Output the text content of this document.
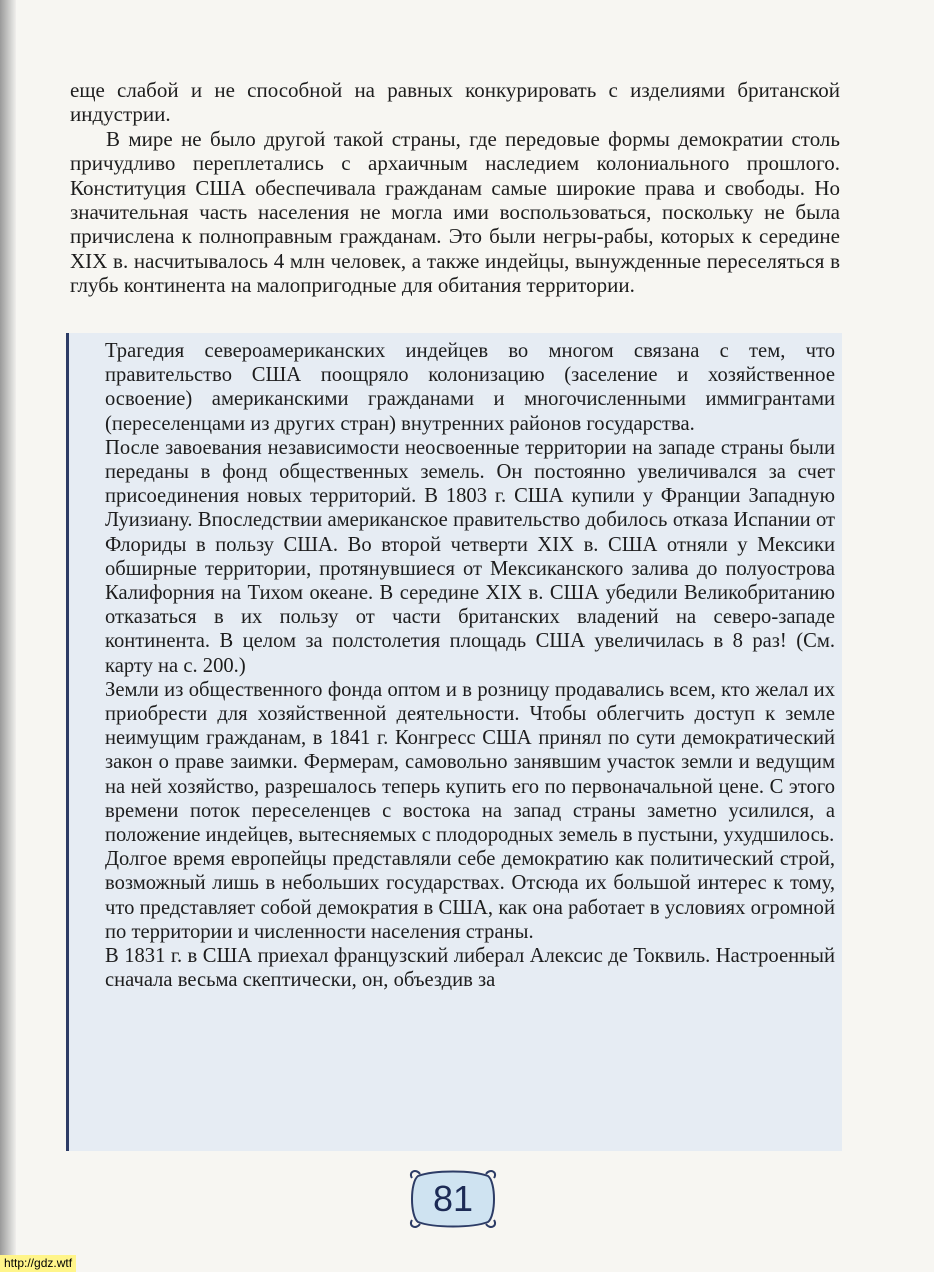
еще слабой и не способной на равных конкурировать с изделиями британской индустрии.

В мире не было другой такой страны, где передовые формы демократии столь причудливо переплетались с архаичным наследием колониального прошлого. Конституция США обеспечивала гражданам самые широкие права и свободы. Но значительная часть населения не могла ими воспользоваться, поскольку не была причислена к полноправным гражданам. Это были негры-рабы, которых к середине XIX в. насчитывалось 4 млн человек, а также индейцы, вынужденные переселяться в глубь континента на малопригодные для обитания территории.

Трагедия североамериканских индейцев во многом связана с тем, что правительство США поощряло колонизацию (заселение и хозяйственное освоение) американскими гражданами и многочисленными иммигрантами (переселенцами из других стран) внутренних районов государства.

После завоевания независимости неосвоенные территории на западе страны были переданы в фонд общественных земель. Он постоянно увеличивался за счет присоединения новых территорий. В 1803 г. США купили у Франции Западную Луизиану. Впоследствии американское правительство добилось отказа Испании от Флориды в пользу США. Во второй четверти XIX в. США отняли у Мексики обширные территории, протянувшиеся от Мексиканского залива до полуострова Калифорния на Тихом океане. В середине XIX в. США убедили Великобританию отказаться в их пользу от части британских владений на северо-западе континента. В целом за полстолетия площадь США увеличилась в 8 раз! (См. карту на с. 200.)

Земли из общественного фонда оптом и в розницу продавались всем, кто желал их приобрести для хозяйственной деятельности. Чтобы облегчить доступ к земле неимущим гражданам, в 1841 г. Конгресс США принял по сути демократический закон о праве заимки. Фермерам, самовольно занявшим участок земли и ведущим на ней хозяйство, разрешалось теперь купить его по первоначальной цене. С этого времени поток переселенцев с востока на запад страны заметно усилился, а положение индейцев, вытесняемых с плодородных земель в пустыни, ухудшилось.

Долгое время европейцы представляли себе демократию как политический строй, возможный лишь в небольших государствах. Отсюда их большой интерес к тому, что представляет собой демократия в США, как она работает в условиях огромной по территории и численности населения страны.

В 1831 г. в США приехал французский либерал Алексис де Токвиль. Настроенный сначала весьма скептически, он, объездив за

81
http://gdz.wtf
